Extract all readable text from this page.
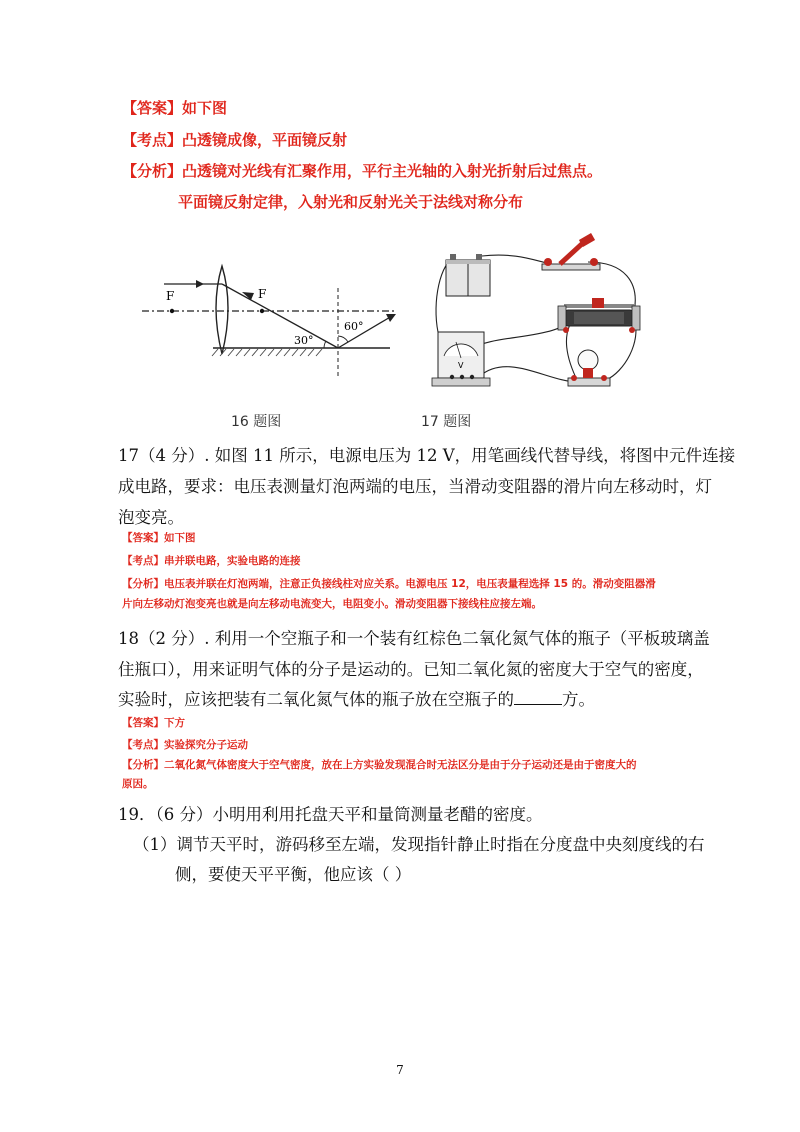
【答案】如下图
【考点】凸透镜成像，平面镜反射
【分析】凸透镜对光线有汇聚作用，平行主光轴的入射光折射后过焦点。
平面镜反射定律，入射光和反射光关于法线对称分布
F	F
60°
30°
16 题图
V
17 题图
17（4 分）. 如图 11 所示，电源电压为 12 V，用笔画线代替导线，将图中元件连接
成电路，要求：电压表测量灯泡两端的电压，当滑动变阻器的滑片向左移动时，灯
泡变亮。
【答案】如下图
【考点】串并联电路，实验电路的连接
【分析】电压表并联在灯泡两端，注意正负接线柱对应关系。电源电压 12，电压表量程选择 15 的。滑动变阻器滑
片向左移动灯泡变亮也就是向左移动电流变大，电阻变小。滑动变阻器下接线柱应接左端。
18（2 分）. 利用一个空瓶子和一个装有红棕色二氧化氮气体的瓶子（平板玻璃盖
住瓶口），用来证明气体的分子是运动的。已知二氧化氮的密度大于空气的密度，
实验时，应该把装有二氧化氮气体的瓶子放在空瓶子的	方。
【答案】下方
【考点】实验探究分子运动
【分析】二氧化氮气体密度大于空气密度，放在上方实验发现混合时无法区分是由于分子运动还是由于密度大的
原因。
19．（6 分）小明用利用托盘天平和量筒测量老醋的密度。
（1）调节天平时，游码移至左端，发现指针静止时指在分度盘中央刻度线的右
侧，要使天平平衡，他应该（ ）
7
